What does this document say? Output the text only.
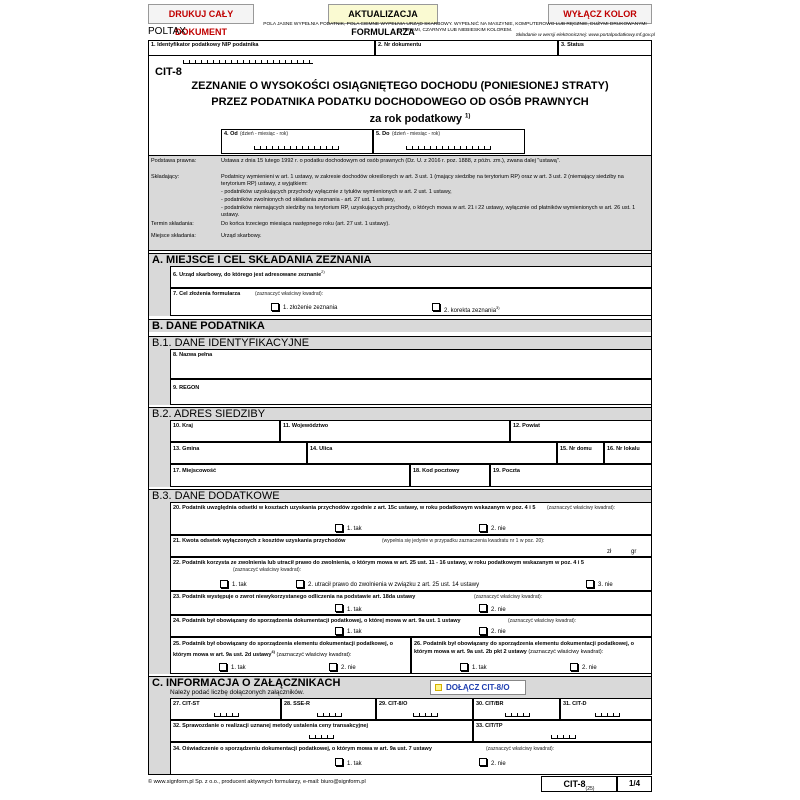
DRUKUJ CAŁY DOKUMENT
AKTUALIZACJA FORMULARZA
WYŁĄCZ KOLOR
POLTAX
POLA JASNE WYPEŁNIA PODATNIK, POLA CIEMNE WYPEŁNIA URZĄD SKARBOWY. WYPEŁNIĆ NA MASZYNIE, KOMPUTEROWO LUB RĘCZNIE, DUŻYMI DRUKOWANYMI LITERAMI, CZARNYM LUB NIEBIESKIM KOLOREM.
Składanie w wersji elektronicznej: www.portalpodatkowy.mf.gov.pl
1. Identyfikator podatkowy NIP podatnika	2. Nr dokumentu	3. Status
CIT-8
ZEZNANIE O WYSOKOŚCI OSIĄGNIĘTEGO DOCHODU (PONIESIONEJ STRATY)
PRZEZ PODATNIKA PODATKU DOCHODOWEGO OD OSÓB PRAWNYCH
za rok podatkowy $^{1)}$
4. Od (dzień - miesiąc - rok)	5. Do (dzień - miesiąc - rok)
Podstawa prawna:	Ustawa z dnia 15 lutego 1992 r. o podatku dochodowym od osób prawnych (Dz. U. z 2016 r. poz. 1888, z późn. zm.), zwana dalej "ustawą".
Składający:	Podatnicy wymienieni w art. 1 ustawy, w zakresie dochodów określonych w art. 3 ust. 1 (mający siedzibę na terytorium RP) oraz w art. 3 ust. 2 (niemający siedziby na terytorium RP) ustawy, z wyjątkiem:
- podatników uzyskujących przychody wyłącznie z tytułów wymienionych w art. 2 ust. 1 ustawy,
- podatników zwolnionych od składania zeznania - art. 27 ust. 1 ustawy,
- podatników niemających siedziby na terytorium RP, uzyskujących przychody, o których mowa w art. 21 i 22 ustawy, wyłącznie od płatników wymienionych w art. 26 ust. 1 ustawy.
Termin składania:	Do końca trzeciego miesiąca następnego roku (art. 27 ust. 1 ustawy).
Miejsce składania:	Urząd skarbowy.
A. MIEJSCE I CEL SKŁADANIA ZEZNANIA
6. Urząd skarbowy, do którego jest adresowane zeznanie$^{2)}$
7. Cel złożenia formularza	(zaznaczyć właściwy kwadrat):
1. złożenie zeznania	2. korekta zeznania$^{3)}$
B. DANE PODATNIKA
B.1. DANE IDENTYFIKACYJNE
8. Nazwa pełna
9. REGON
B.2. ADRES SIEDZIBY
10. Kraj	11. Województwo	12. Powiat
13. Gmina	14. Ulica	15. Nr domu	16. Nr lokalu
17. Miejscowość	18. Kod pocztowy	19. Poczta
B.3. DANE DODATKOWE
20. Podatnik uwzględnia odsetki w kosztach uzyskania przychodów zgodnie z art. 15c ustawy, w roku podatkowym wskazanym w poz. 4 i 5 (zaznaczyć właściwy kwadrat):
1. tak	2. nie
21. Kwota odsetek wyłączonych z kosztów uzyskania przychodów	(wypełnia się jedynie w przypadku zaznaczenia kwadratu nr 1 w poz. 20):
zł	gr
22. Podatnik korzysta ze zwolnienia lub utracił prawo do zwolnienia, o którym mowa w art. 25 ust. 11 - 16 ustawy, w roku podatkowym wskazanym w poz. 4 i 5
(zaznaczyć właściwy kwadrat):
1. tak	2. utracił prawo do zwolnienia w związku z art. 25 ust. 14 ustawy	3. nie
23. Podatnik występuje o zwrot niewykorzystanego odliczenia na podstawie art. 18da ustawy	(zaznaczyć właściwy kwadrat):
1. tak	2. nie
24. Podatnik był obowiązany do sporządzenia dokumentacji podatkowej, o której mowa w art. 9a ust. 1 ustawy	(zaznaczyć właściwy kwadrat):
1. tak	2. nie
25. Podatnik był obowiązany do sporządzenia elementu dokumentacji podatkowej, o którym mowa w art. 9a ust. 2d ustawy$^{4)}$ (zaznaczyć właściwy kwadrat):
1. tak	2. nie
26. Podatnik był obowiązany do sporządzenia elementu dokumentacji podatkowej, o którym mowa w art. 9a ust. 2b pkt 2 ustawy (zaznaczyć właściwy kwadrat):
1. tak	2. nie
C. INFORMACJA O ZAŁĄCZNIKACH
Należy podać liczbę dołączonych załączników.
DOŁĄCZ CIT-8/O
27. CIT-ST	28. SSE-R	29. CIT-8/O	30. CIT/BR	31. CIT-D
32. Sprawozdanie o realizacji uznanej metody ustalenia ceny transakcyjnej	33. CIT/TP
34. Oświadczenie o sporządzeniu dokumentacji podatkowej, o którym mowa w art. 9a ust. 7 ustawy	(zaznaczyć właściwy kwadrat):
1. tak	2. nie
© www.signform.pl Sp. z o.o., producent aktywnych formularzy, e-mail: biuro@signform.pl	CIT-$8_{(25)}$
1/4
